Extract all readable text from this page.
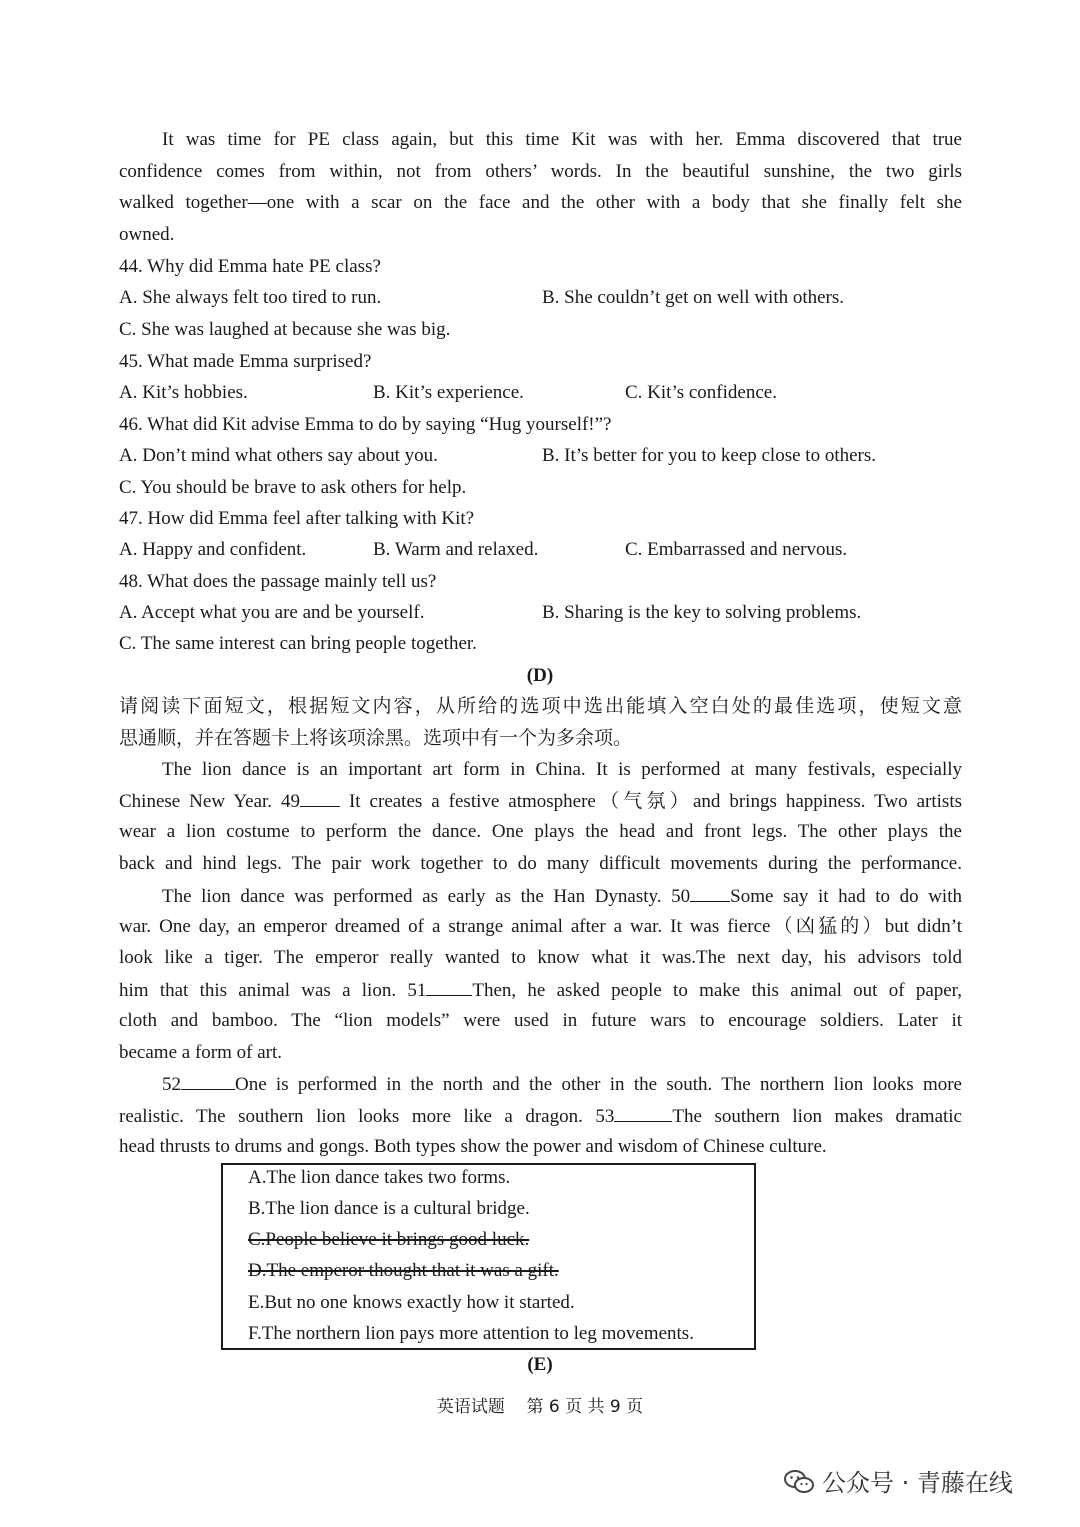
It was time for PE class again, but this time Kit was with her. Emma discovered that true
confidence comes from within, not from others’ words. In the beautiful sunshine, the two girls
walked together—one with a scar on the face and the other with a body that she finally felt she
owned.
44. Why did Emma hate PE class?
A. She always felt too tired to run.	B. She couldn’t get on well with others.
C. She was laughed at because she was big.
45. What made Emma surprised?
A. Kit’s hobbies.	B. Kit’s experience.	C. Kit’s confidence.
46. What did Kit advise Emma to do by saying “Hug yourself!”?
A. Don’t mind what others say about you.	B. It’s better for you to keep close to others.
C. You should be brave to ask others for help.
47. How did Emma feel after talking with Kit?
A. Happy and confident.	B. Warm and relaxed.	C. Embarrassed and nervous.
48. What does the passage mainly tell us?
A. Accept what you are and be yourself.	B. Sharing is the key to solving problems.
C. The same interest can bring people together.
(D)
请阅读下面短文，根据短文内容，从所给的选项中选出能填入空白处的最佳选项，使短文意
思通顺，并在答题卡上将该项涂黑。选项中有一个为多余项。
The lion dance is an important art form in China. It is performed at many festivals, especially
Chinese New Year. 49 It creates a festive atmosphere（气氛）and brings happiness. Two artists
wear a lion costume to perform the dance. One plays the head and front legs. The other plays the
back and hind legs. The pair work together to do many difficult movements during the performance.
The lion dance was performed as early as the Han Dynasty. 50 Some say it had to do with
war. One day, an emperor dreamed of a strange animal after a war. It was fierce（凶猛的）but didn’t
look like a tiger. The emperor really wanted to know what it was.The next day, his advisors told
him that this animal was a lion. 51 Then, he asked people to make this animal out of paper,
cloth and bamboo. The “lion models” were used in future wars to encourage soldiers. Later it
became a form of art.
52	One is performed in the north and the other in the south. The northern lion looks more
realistic. The southern lion looks more like a dragon. 53	The southern lion makes dramatic
head thrusts to drums and gongs. Both types show the power and wisdom of Chinese culture.
A.The lion dance takes two forms.
B.The lion dance is a cultural bridge.
C.People believe it brings good luck.
D.The emperor thought that it was a gift.
E.But no one knows exactly how it started.
F.The northern lion pays more attention to leg movements.
(E)
英语试题    第 6 页 共 9 页
公众号 · 青藤在线
